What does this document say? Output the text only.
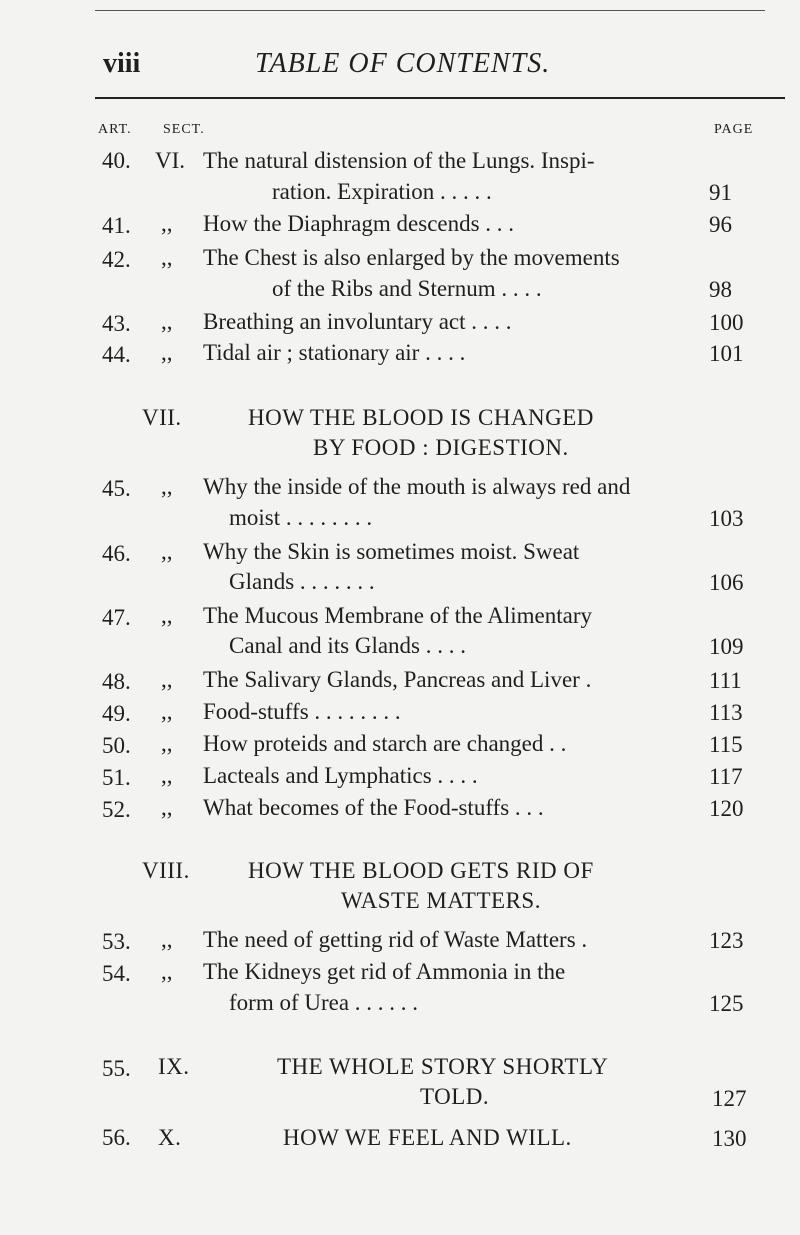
viii	TABLE OF CONTENTS.
ART. SECT.	PAGE
40. VI. The natural distension of the Lungs. Inspi-
ration. Expiration . . . . .	91
41. ,, How the Diaphragm descends . . .	96
42. ,, The Chest is also enlarged by the movements
of the Ribs and Sternum . . . .	98
43. ,, Breathing an involuntary act . . . .	100
44. ,, Tidal air ; stationary air . . . .	101
VII.	HOW THE BLOOD IS CHANGED
BY FOOD : DIGESTION.
45. ,, Why the inside of the mouth is always red and
moist . . . . . . . .	103
46. ,, Why the Skin is sometimes moist. Sweat
Glands . . . . . . .	106
47. ,, The Mucous Membrane of the Alimentary
Canal and its Glands . . . .	109
48. ,, The Salivary Glands, Pancreas and Liver .	111
49. ,, Food-stuffs . . . . . . . .	113
50. ,, How proteids and starch are changed . .	115
51. ,, Lacteals and Lymphatics . . . .	117
52. ,, What becomes of the Food-stuffs . . .	120
VIII.	HOW THE BLOOD GETS RID OF
WASTE MATTERS.
53. ,, The need of getting rid of Waste Matters .	123
54. ,, The Kidneys get rid of Ammonia in the
form of Urea . . . . . .	125
55. IX.	THE WHOLE STORY SHORTLY
TOLD.	127
56. X.	HOW WE FEEL AND WILL.	130
